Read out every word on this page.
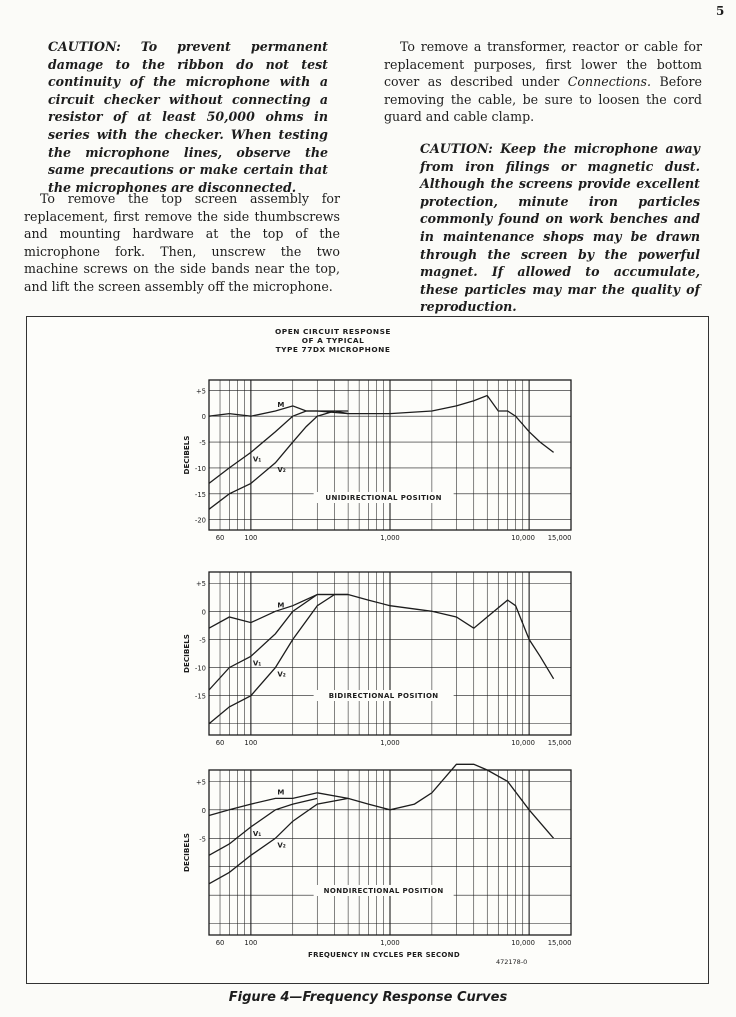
5
CAUTION: To prevent permanent damage to the ribbon do not test continuity of the microphone with a circuit checker without connecting a resistor of at least 50,000 ohms in series with the checker. When testing the microphone lines, observe the same precautions or make certain that the microphones are disconnected.
To remove the top screen assembly for replacement, first remove the side thumbscrews and mounting hardware at the top of the microphone fork. Then, unscrew the two machine screws on the side bands near the top, and lift the screen assembly off the microphone.
To remove a transformer, reactor or cable for replacement purposes, first lower the bottom cover as described under Connections. Before removing the cable, be sure to loosen the cord guard and cable clamp.
CAUTION: Keep the microphone away from iron filings or magnetic dust. Although the screens provide excellent protection, minute iron particles commonly found on work benches and in maintenance shops may be drawn through the screen by the powerful magnet. If allowed to accumulate, these particles may mar the quality of reproduction.
OPEN CIRCUIT RESPONSE
OF A TYPICAL
TYPE 77DX MICROPHONE
+5
0
-5
-10
-15
-20
60	100	1,000	10,000 15,000
DECIBELS
UNIDIRECTIONAL POSITION
M
V₁
V₂
+5
0
-5
-10
-15
60	100	1,000	10,000 15,000
DECIBELS
BIDIRECTIONAL POSITION
M
V₁
V₂
+5
0
-5
60	100	1,000	10,000 15,000
DECIBELS
NONDIRECTIONAL POSITION
M
V₁
V₂
FREQUENCY IN CYCLES PER SECOND
472178-0
Figure 4—Frequency Response Curves
